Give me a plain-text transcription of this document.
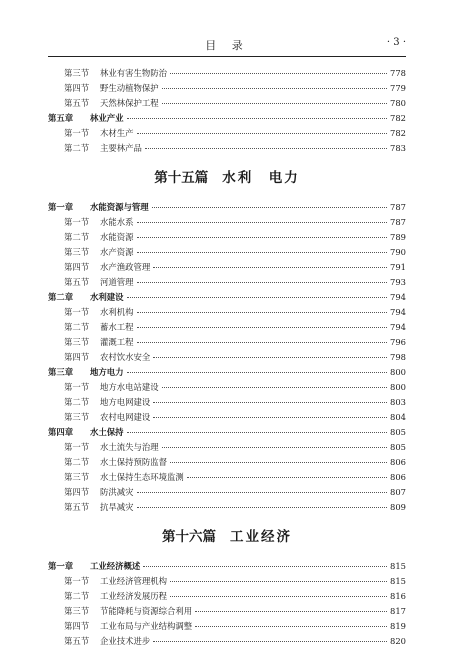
目 录	· 3 ·
第三节	林业有害生物防治	778
第四节	野生动植物保护	779
第五节	天然林保护工程	780
第五章	林业产业	782
第一节	木材生产	782
第二节	主要林产品	783
第十五篇 水利　电力
第一章	水能资源与管理	787
第一节	水能水系	787
第二节	水能资源	789
第三节	水产资源	790
第四节	水产渔政管理	791
第五节	河道管理	793
第二章	水利建设	794
第一节	水利机构	794
第二节	蓄水工程	794
第三节	灌溉工程	796
第四节	农村饮水安全	798
第三章	地方电力	800
第一节	地方水电站建设	800
第二节	地方电网建设	803
第三节	农村电网建设	804
第四章	水土保持	805
第一节	水土流失与治理	805
第二节	水土保持预防监督	806
第三节	水土保持生态环境监测	806
第四节	防洪减灾	807
第五节	抗旱减灾	809
第十六篇 工业经济
第一章	工业经济概述	815
第一节	工业经济管理机构	815
第二节	工业经济发展历程	816
第三节	节能降耗与资源综合利用	817
第四节	工业布局与产业结构调整	819
第五节	企业技术进步	820
